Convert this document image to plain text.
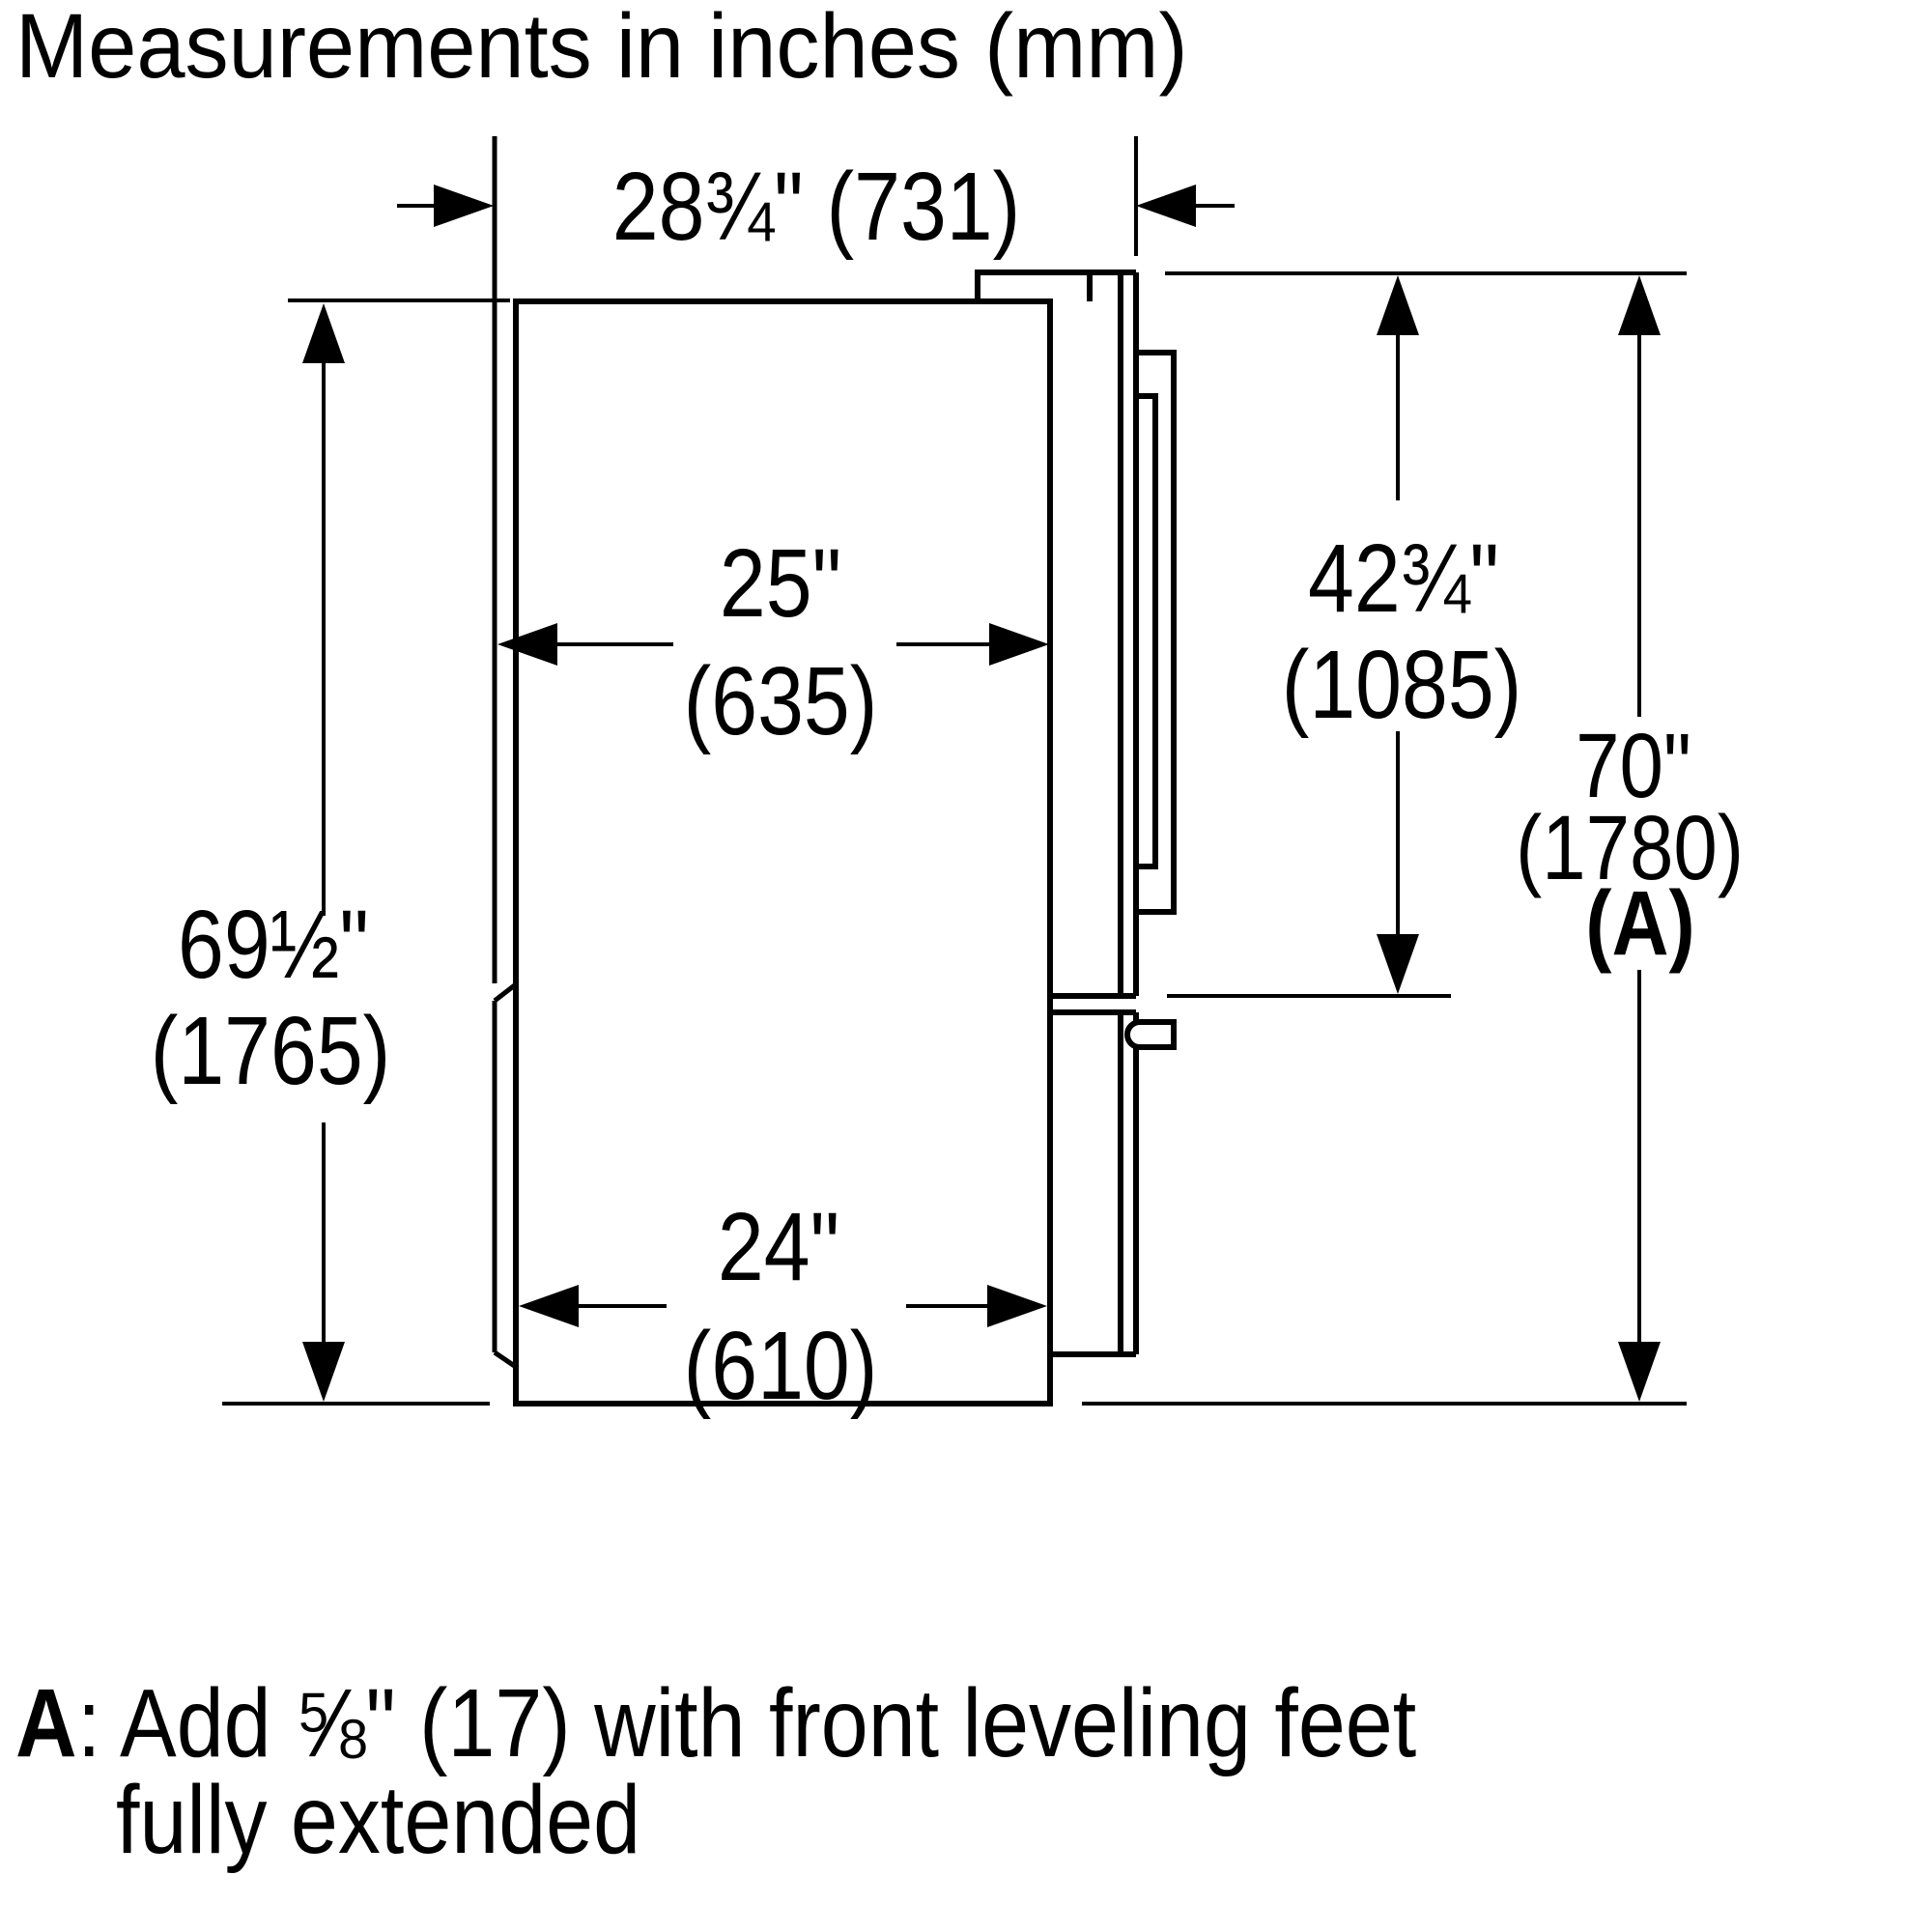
28¾" (731)
69½"
(1765)
25"
(635)
24"
(610)
42¾"
(1085)
70"
(1780)
(A)
Measurements in inches (mm)
A : Add ⅝" (17) with front leveling feet
fully extended
